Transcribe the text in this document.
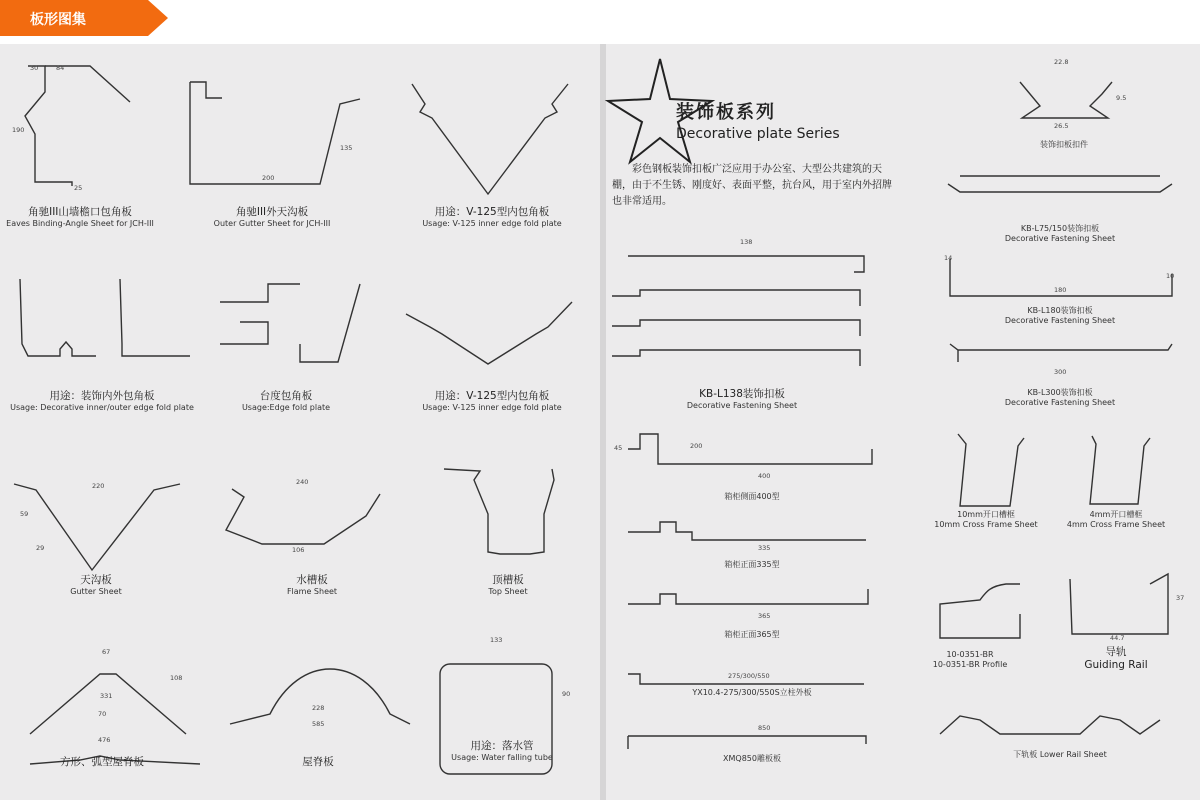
板形图集
角驰III山墙檐口包角板
Eaves Binding-Angle Sheet for JCH-III
角驰III外天沟板
Outer Gutter Sheet for JCH-III
用途：V-125型内包角板
Usage: V-125 inner edge fold plate
用途：装饰内外包角板
Usage: Decorative inner/outer edge fold plate
台度包角板
Usage:Edge fold plate
用途：V-125型内包角板
Usage: V-125 inner edge fold plate
天沟板
Gutter Sheet
水槽板
Flame Sheet
顶槽板
Top Sheet
方形、弧型屋脊板	屋脊板
用途：落水管
Usage: Water falling tube
装饰板系列
Decorative plate Series
彩色钢板装饰扣板广泛应用于办公室、大型公共建筑的天棚，由于不生锈、刚度好、表面平整，抗台风，用于室内外招牌也非常适用。
KB-L138装饰扣板
Decorative Fastening Sheet
箱柜侧面400型
箱柜正面335型
箱柜正面365型
YX10.4-275/300/550S立柱外板
XMQ850雕板板
装饰扣板扣件
KB-L75/150装饰扣板
Decorative Fastening Sheet
KB-L180装饰扣板
Decorative Fastening Sheet
KB-L300装饰扣板
Decorative Fastening Sheet
10mm开口槽框
10mm Cross Frame Sheet
4mm开口槽框
4mm Cross Frame Sheet
10-0351-BR
10-0351-BR Profile
导轨
Guiding Rail
下轨板 Lower Rail Sheet
84
30
190
25
200
135
220
59
29
240
106
133
90
67
108
331
70
476
228
585
138
200
400
45
335
365
275/300/550
850
22.8
26.5
9.5
180
300
14
10
44.7
37
